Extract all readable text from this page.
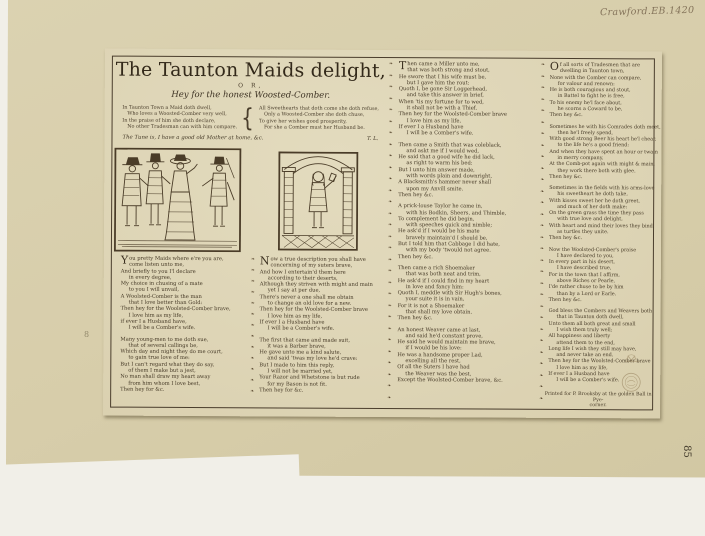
The Taunton Maids delight,
O R,
Hey for the honest Woosted-Comber.
In Taunton Town a Maid doth dwell,
Who loves a Woosted-Comber very well,
In the praise of him she doth declare,
No other Tradesman can with him compare. { All Sweethearts that doth come she doth refuse,
Only a Woosted-Comber she doth chuse,
To give her wishes good prosperity,
For she a Comber must her Husband be.
The Tune is, I have a good old Mother at home, &c.	T. L.
You pretty Maids where e're you are,
come listen unto me,
And briefly to you I'l declare
in every degree,
My choice in chusing of a mate
to you I will unvail,
A Woolsted-Comber is the man
that I love better than Gold:
Then hey for the Woolsted-Comber brave,
I love him as my life,
if ever I a Husband have,
I will be a Comber's wife.
Many young-men to me doth sue,
that of several callings be,
Which day and night they do me court,
to gain true love of me:
But I can't regard what they do say,
of them I make but a jest,
No man shall draw my heart away
from him whom I love best,
Then hey for &c.
Now a true description you shall have
concerning of my suters brave,
And how I entertain'd them here
according to their deserts,
Although they striven with might and main
yet I say at per due,
There's never a one shall me obtain
to change an old love for a new.
Then hey for the Woolsted-Comber brave
I love him as my life,
If ever I a Husband have
I will be a Comber's wife.
The first that came and made suit,
it was a Barber brave,
He gave unto me a kind salute,
and said 'twas my love he'd crave:
But I made to him this reply,
I will not be married yet,
Your Razor and Whetstone is but rude
for my Bason is not fit.
Then hey for &c.
Then came a Miller unto me,
that was both strong and stout,
He swore that I his wife must be,
but I gave him the rout:
Quoth I, be gone Sir Loggerhead,
and take this answer in brief,
When 'tis my fortune for to wed,
it shall not be with a Thief.
Then hey for the Woolsted-Comber brave
I love him as my life,
If ever I a Husband have
I will be a Comber's wife.
Then came a Smith that was coleblack,
and askt me if I would wed,
He said that a good wife he did lack,
as right to warm his bed:
But I unto him answer made,
with words plain and downright,
A Blacksmith's hammer never shall
upon my Anvill smite.
Then hey &c.
A prick-louse Taylor he came in,
with his Bodkin, Sheers, and Thimble,
To complement he did begin,
with speeches quick and nimble;
He ask'd if I would be his mate
bravely maintain'd I should be,
But I told him that Cabbage I did hate,
with my body 'twould not agree.
Then hey &c.
Then came a rich Shoemaker
that was both neat and trim,
He ask'd if I could find in my heart
in love and fancy him:
Quoth I, meddle with Sir Hugh's bones,
your suite it is in vain,
For it is not a Shoemaker
that shall my love obtain.
Then hey &c.
An honest Weaver came at last,
and said he'd constant prove,
He said he would maintain me brave,
if I would be his love:
He was a handsome proper Lad,
excelling all the rest,
Of all the Suters I have had
the Weaver was the best,
Except the Woolsted-Comber brave, &c.
Of all sorts of Tradesmen that are
dwelling in Taunton town,
None with the Comber can compare,
for valour and renown:
He is both couragious and stout,
in Battel to fight he is free,
To his enemy he'l face about,
he scorns a Coward to be,
Then hey &c.
Sometimes he with his Comrades doth meet,
then he'l freely spend,
With good strong Beer his heart he'l chear,
to the life he's a good friend:
And when they have spent an hour or twain
in merry company,
At the Comb-pot again with might & main,
they work there both with glee.
Then hey &c.
Sometimes in the fields with his arms-love
his sweetheart he doth take,
With kisses sweet her he doth greet,
and much of her doth make:
On the green grass the time they pass
with true love and delight,
With heart and mind their loves they bind,
as turtles they unite.
Then hey &c.
Now the Woolsted-Comber's praise
I have declared to you,
In every part in his desert,
I have described true,
For in the town that I affirm,
above Riches or Pearle,
I'de rather chuse to be by him
than by a Lord or Earle.
Then hey &c.
God bless the Combers and Weavers both
that in Taunton doth dwell,
Unto them all both great and small
I wish them truly well;
All happiness and liberty
attend them to the end,
Long life I wish they still may have,
and never take an end.
Then hey for the Woolsted-Comber brave
I love him as my life,
If ever I a Husband have
I will be a Comber's wife.
❧
❧
❧
❧
❧
❧
❧
❧
❧
❧
❧
❧
❧
❧
❧
❧
❧
❧
❧
❧
❧
❧
❧
❧
❧
❧
❧
❧
❧
❧
❧
❧
❧
❧
❧
❧
❧
❧
❧
❧
❧
❧
❧
❧
❧
❧
❧
❧
❧
❧
❧
❧
❧
❧
❧
❧
❧
❧
❧
❧
❧
❧
❧
❧
❧
❧
❧
❧
❧
❧
❧
❧
❧
Printed for P. Brooksby at the golden Ball in Pye-
corner.
Crawford.EB.1420
85
8
